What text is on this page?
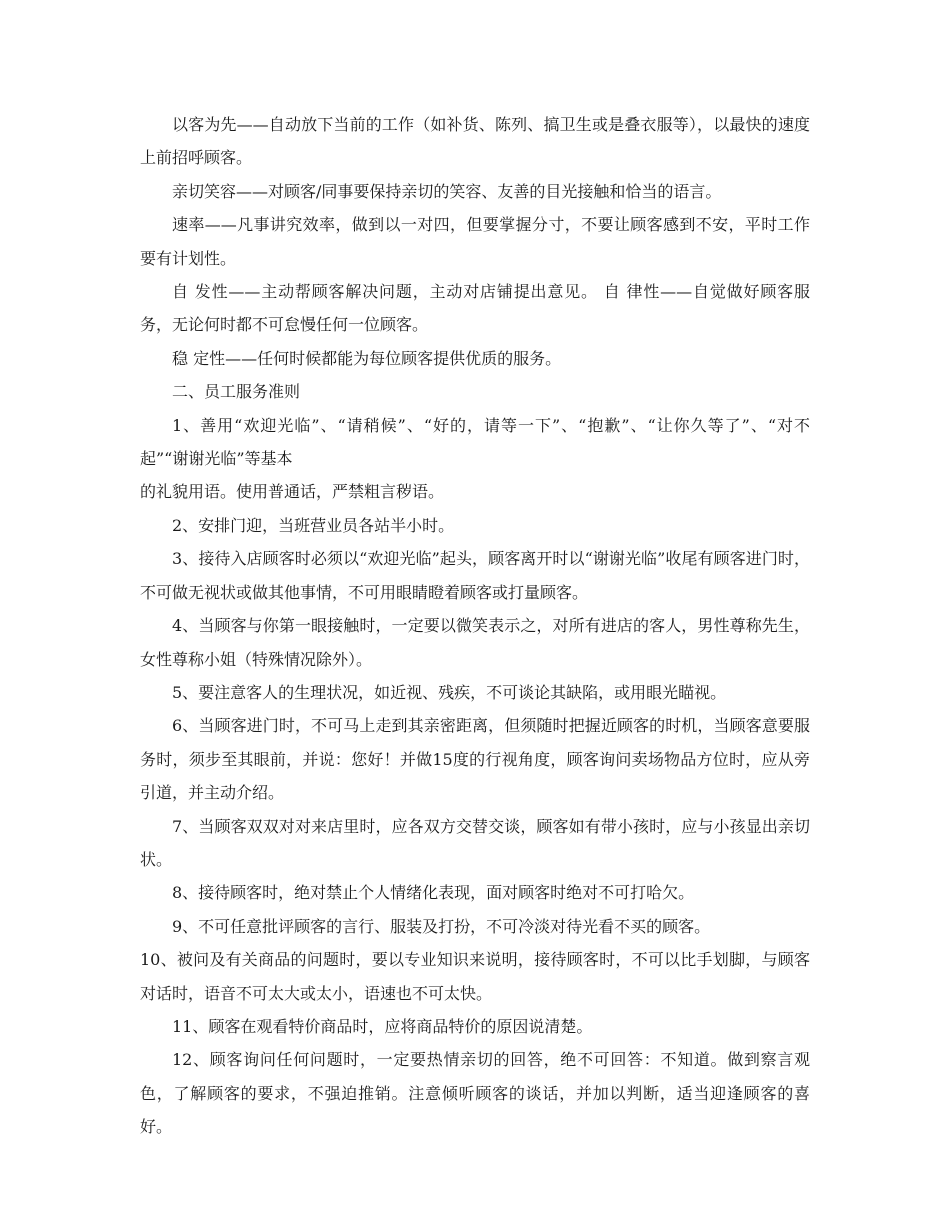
以客为先——自动放下当前的工作（如补货、陈列、搞卫生或是叠衣服等），以最快的速度上前招呼顾客。

亲切笑容——对顾客/同事要保持亲切的笑容、友善的目光接触和恰当的语言。

速率——凡事讲究效率，做到以一对四，但要掌握分寸，不要让顾客感到不安，平时工作要有计划性。

自 发性——主动帮顾客解决问题，主动对店铺提出意见。 自 律性——自觉做好顾客服务，无论何时都不可怠慢任何一位顾客。

稳 定性——任何时候都能为每位顾客提供优质的服务。

二、员工服务准则

1、善用“欢迎光临”、“请稍候”、“好的，请等一下”、“抱歉”、“让你久等了”、“对不起”“谢谢光临”等基本

的礼貌用语。使用普通话，严禁粗言秽语。

2、安排门迎，当班营业员各站半小时。

3、接待入店顾客时必须以“欢迎光临”起头，顾客离开时以“谢谢光临”收尾有顾客进门时，不可做无视状或做其他事情，不可用眼睛瞪着顾客或打量顾客。

4、当顾客与你第一眼接触时，一定要以微笑表示之，对所有进店的客人，男性尊称先生，女性尊称小姐（特殊情况除外）。

5、要注意客人的生理状况，如近视、残疾，不可谈论其缺陷，或用眼光瞄视。

6、当顾客进门时，不可马上走到其亲密距离，但须随时把握近顾客的时机，当顾客意要服务时，须步至其眼前，并说：您好！并做15度的行视角度，顾客询问卖场物品方位时，应从旁引道，并主动介绍。

7、当顾客双双对对来店里时，应各双方交替交谈，顾客如有带小孩时，应与小孩显出亲切状。

8、接待顾客时，绝对禁止个人情绪化表现，面对顾客时绝对不可打哈欠。

9、不可任意批评顾客的言行、服装及打扮，不可冷淡对待光看不买的顾客。

10、被问及有关商品的问题时，要以专业知识来说明，接待顾客时，不可以比手划脚，与顾客对话时，语音不可太大或太小，语速也不可太快。

11、顾客在观看特价商品时，应将商品特价的原因说清楚。

12、顾客询问任何问题时，一定要热情亲切的回答，绝不可回答：不知道。做到察言观色，了解顾客的要求，不强迫推销。注意倾听顾客的谈话，并加以判断，适当迎逢顾客的喜好。
